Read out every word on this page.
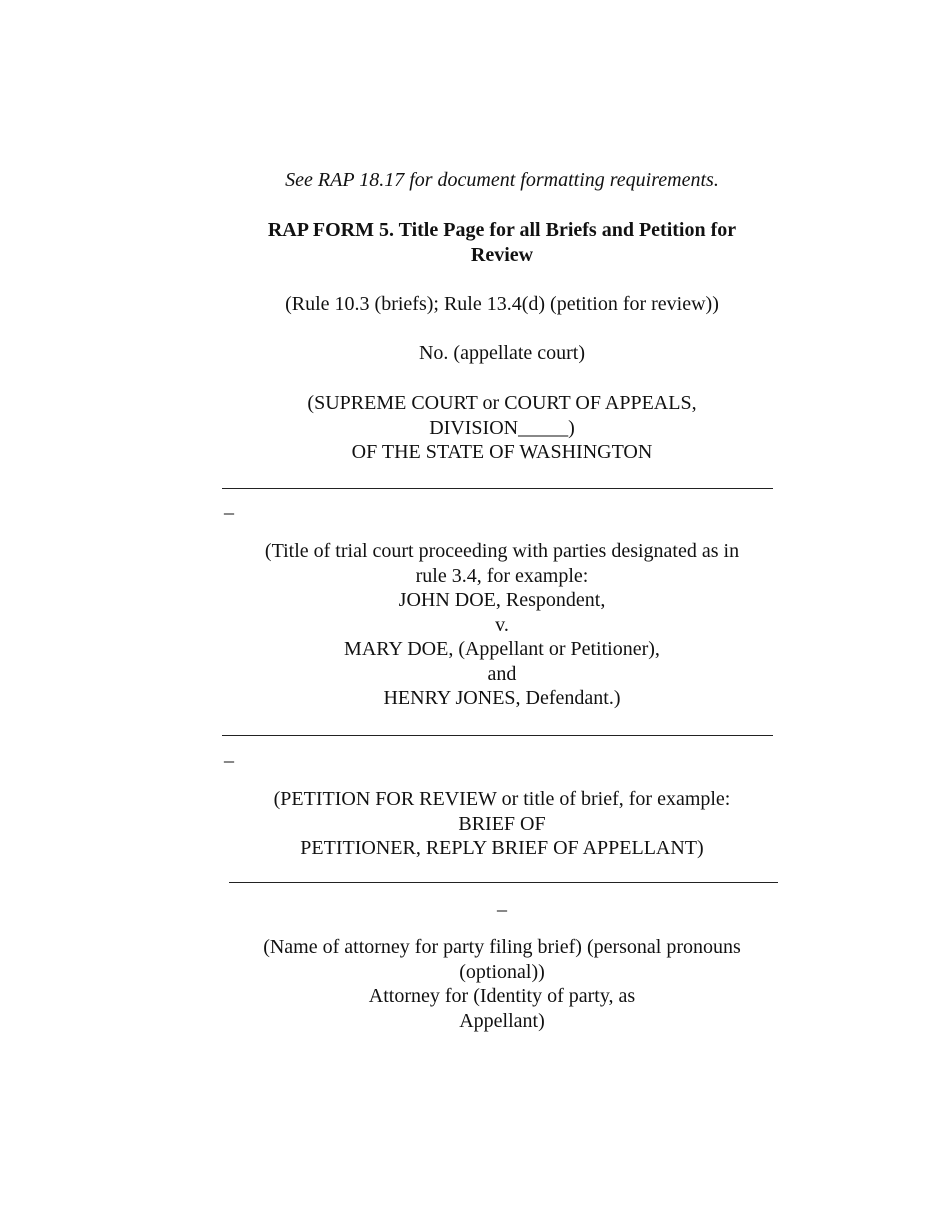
See RAP 18.17 for document formatting requirements.
RAP FORM 5. Title Page for all Briefs and Petition for
Review
(Rule 10.3 (briefs); Rule 13.4(d) (petition for review))
No. (appellate court)
(SUPREME COURT or COURT OF APPEALS,
DIVISION_____)
OF THE STATE OF WASHINGTON
_
(Title of trial court proceeding with parties designated as in
rule 3.4, for example:
JOHN DOE, Respondent,
v.
MARY DOE, (Appellant or Petitioner),
and
HENRY JONES, Defendant.)
_
(PETITION FOR REVIEW or title of brief, for example:
BRIEF OF
PETITIONER, REPLY BRIEF OF APPELLANT)
_
(Name of attorney for party filing brief) (personal pronouns
(optional))
Attorney for (Identity of party, as
Appellant)
